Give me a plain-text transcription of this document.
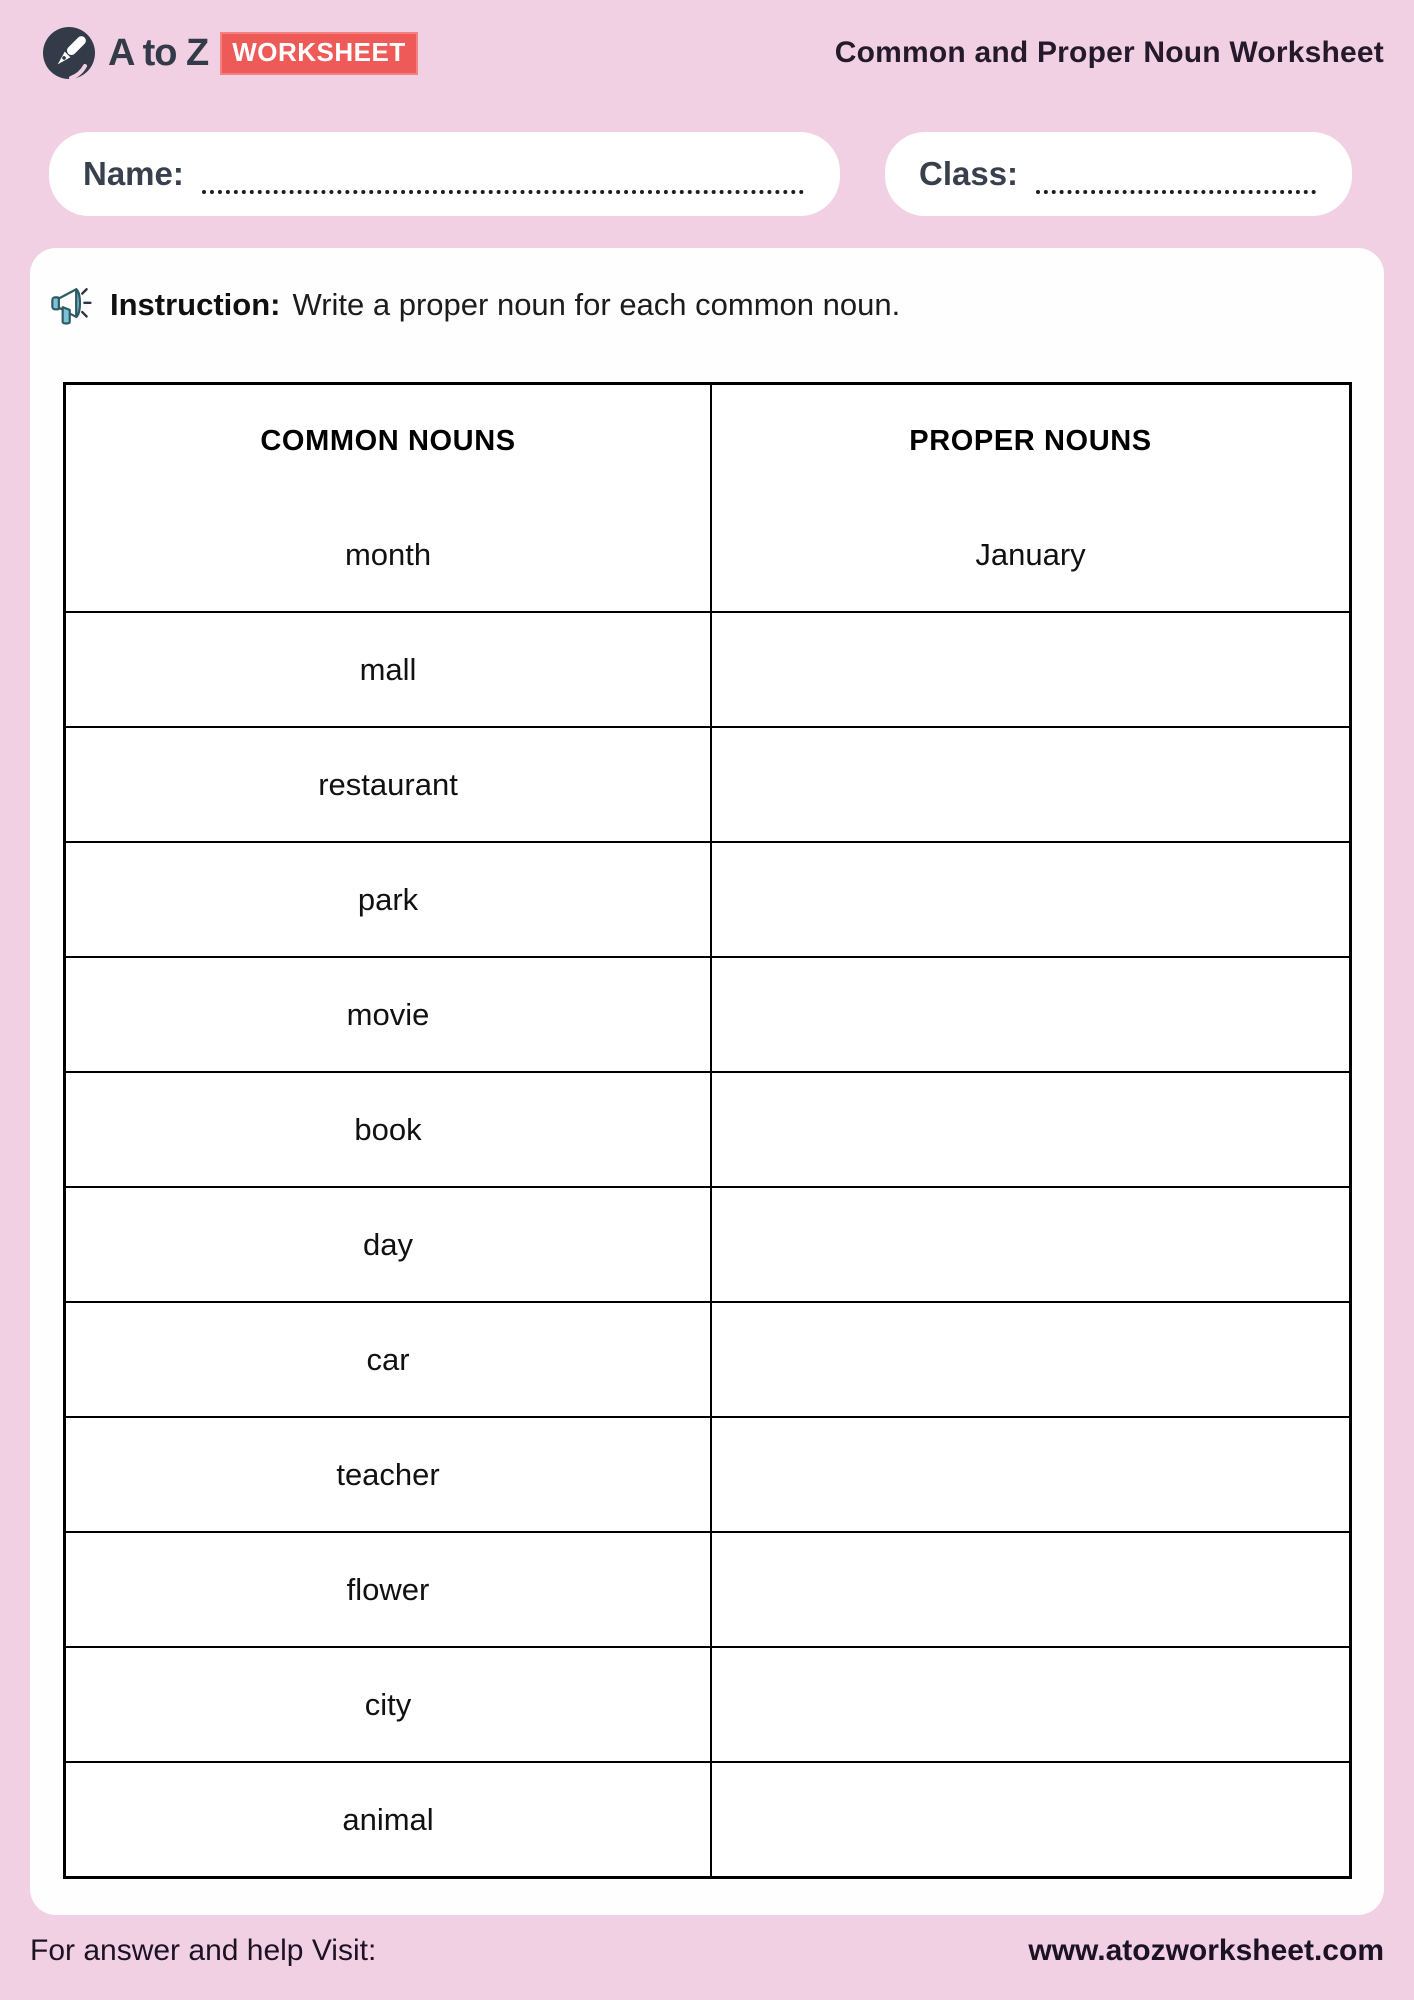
A to Z WORKSHEET	Common and Proper Noun Worksheet
Name:	Class:
Instruction: Write a proper noun for each common noun.
COMMON NOUNS	PROPER NOUNS
month	January
mall
restaurant
park
movie
book
day
car
teacher
flower
city
animal
For answer and help Visit:	www.atozworksheet.com
